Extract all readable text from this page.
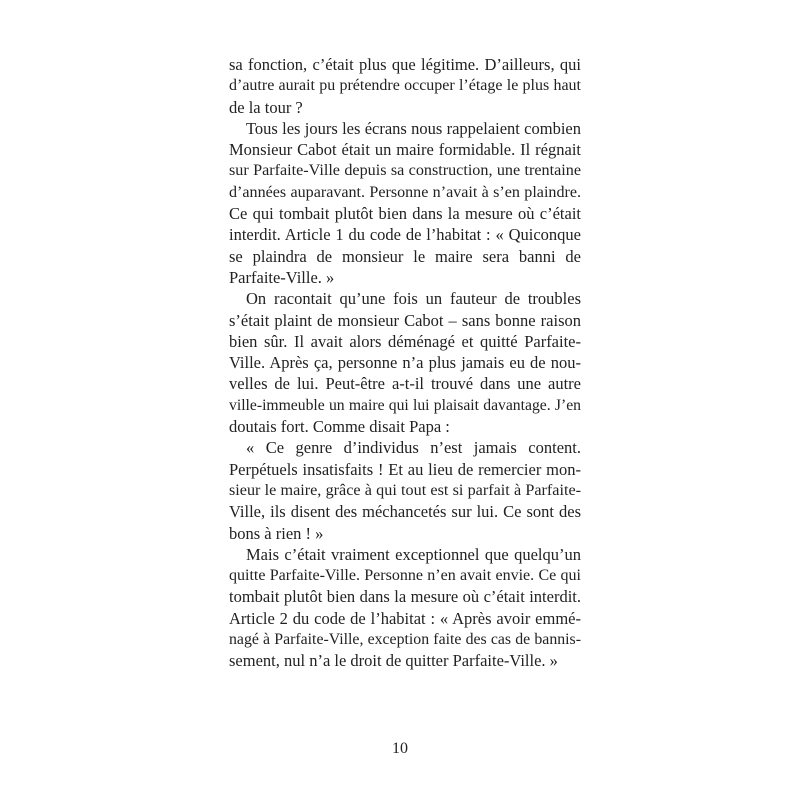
sa fonction, c’était plus que légitime. D’ailleurs, qui
d’autre aurait pu prétendre occuper l’étage le plus haut
de la tour ?
Tous les jours les écrans nous rappelaient combien
Monsieur Cabot était un maire formidable. Il régnait
sur Parfaite-Ville depuis sa construction, une trentaine
d’années auparavant. Personne n’avait à s’en plaindre.
Ce qui tombait plutôt bien dans la mesure où c’était
interdit. Article 1 du code de l’habitat : « Quiconque
se plaindra de monsieur le maire sera banni de
Parfaite-Ville. »
On racontait qu’une fois un fauteur de troubles
s’était plaint de monsieur Cabot – sans bonne raison
bien sûr. Il avait alors déménagé et quitté Parfaite-
Ville. Après ça, personne n’a plus jamais eu de nou-
velles de lui. Peut-être a-t-il trouvé dans une autre
ville-immeuble un maire qui lui plaisait davantage. J’en
doutais fort. Comme disait Papa :
« Ce genre d’individus n’est jamais content.
Perpétuels insatisfaits ! Et au lieu de remercier mon-
sieur le maire, grâce à qui tout est si parfait à Parfaite-
Ville, ils disent des méchancetés sur lui. Ce sont des
bons à rien ! »
Mais c’était vraiment exceptionnel que quelqu’un
quitte Parfaite-Ville. Personne n’en avait envie. Ce qui
tombait plutôt bien dans la mesure où c’était interdit.
Article 2 du code de l’habitat : « Après avoir emmé-
nagé à Parfaite-Ville, exception faite des cas de bannis-
sement, nul n’a le droit de quitter Parfaite-Ville. »
10
